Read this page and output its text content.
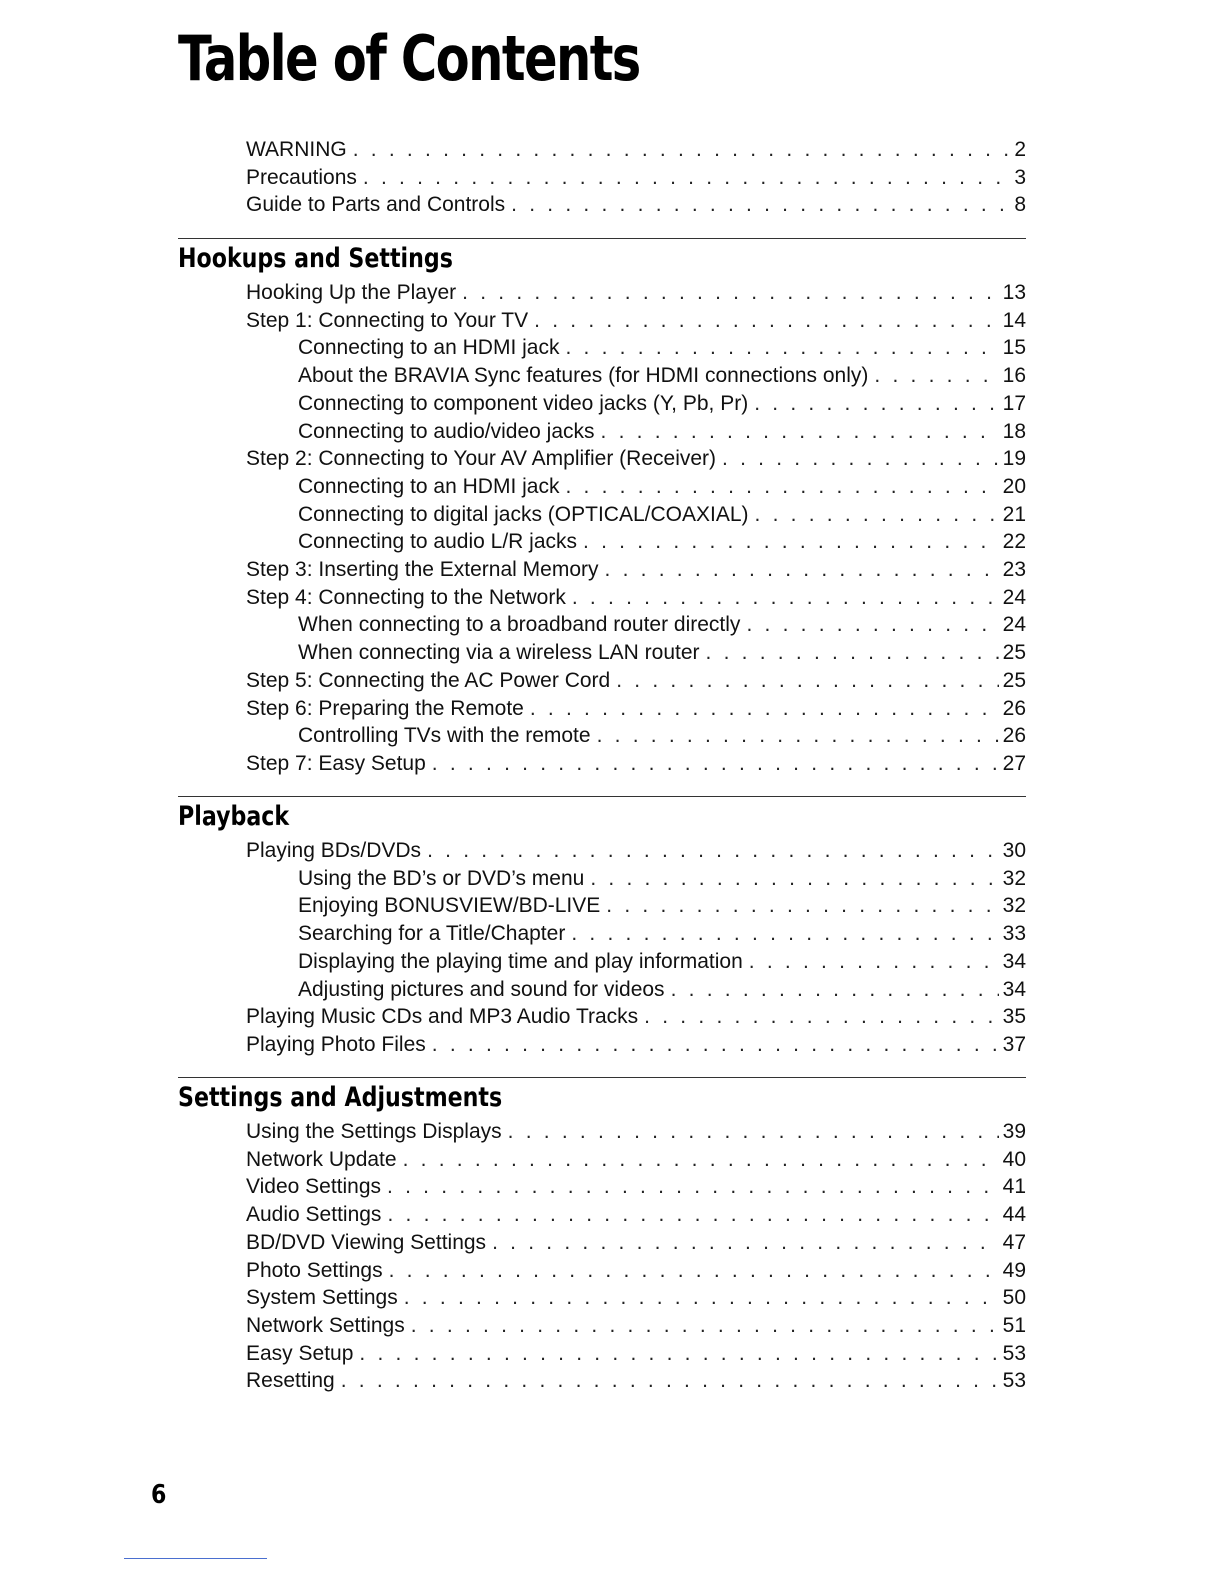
Table of Contents
WARNING . . .	2
Precautions . . .	3
Guide to Parts and Controls . . .	8
Hookups and Settings
Hooking Up the Player . . .	13
Step 1: Connecting to Your TV . . .	14
Connecting to an HDMI jack . . .	15
About the BRAVIA Sync features (for HDMI connections only) . . .	16
Connecting to component video jacks (Y, Pb, Pr) . . .	17
Connecting to audio/video jacks . . .	18
Step 2: Connecting to Your AV Amplifier (Receiver) . . .	19
Connecting to an HDMI jack . . .	20
Connecting to digital jacks (OPTICAL/COAXIAL) . . .	21
Connecting to audio L/R jacks . . .	22
Step 3: Inserting the External Memory . . .	23
Step 4: Connecting to the Network . . .	24
When connecting to a broadband router directly . . .	24
When connecting via a wireless LAN router . . .	25
Step 5: Connecting the AC Power Cord . . .	25
Step 6: Preparing the Remote . . .	26
Controlling TVs with the remote . . .	26
Step 7: Easy Setup . . .	27
Playback
Playing BDs/DVDs . . .	30
Using the BD’s or DVD’s menu . . .	32
Enjoying BONUSVIEW/BD-LIVE . . .	32
Searching for a Title/Chapter . . .	33
Displaying the playing time and play information . . .	34
Adjusting pictures and sound for videos . . .	34
Playing Music CDs and MP3 Audio Tracks . . .	35
Playing Photo Files . . .	37
Settings and Adjustments
Using the Settings Displays . . .	39
Network Update . . .	40
Video Settings . . .	41
Audio Settings . . .	44
BD/DVD Viewing Settings . . .	47
Photo Settings . . .	49
System Settings . . .	50
Network Settings . . .	51
Easy Setup . . .	53
Resetting . . .	53
6
